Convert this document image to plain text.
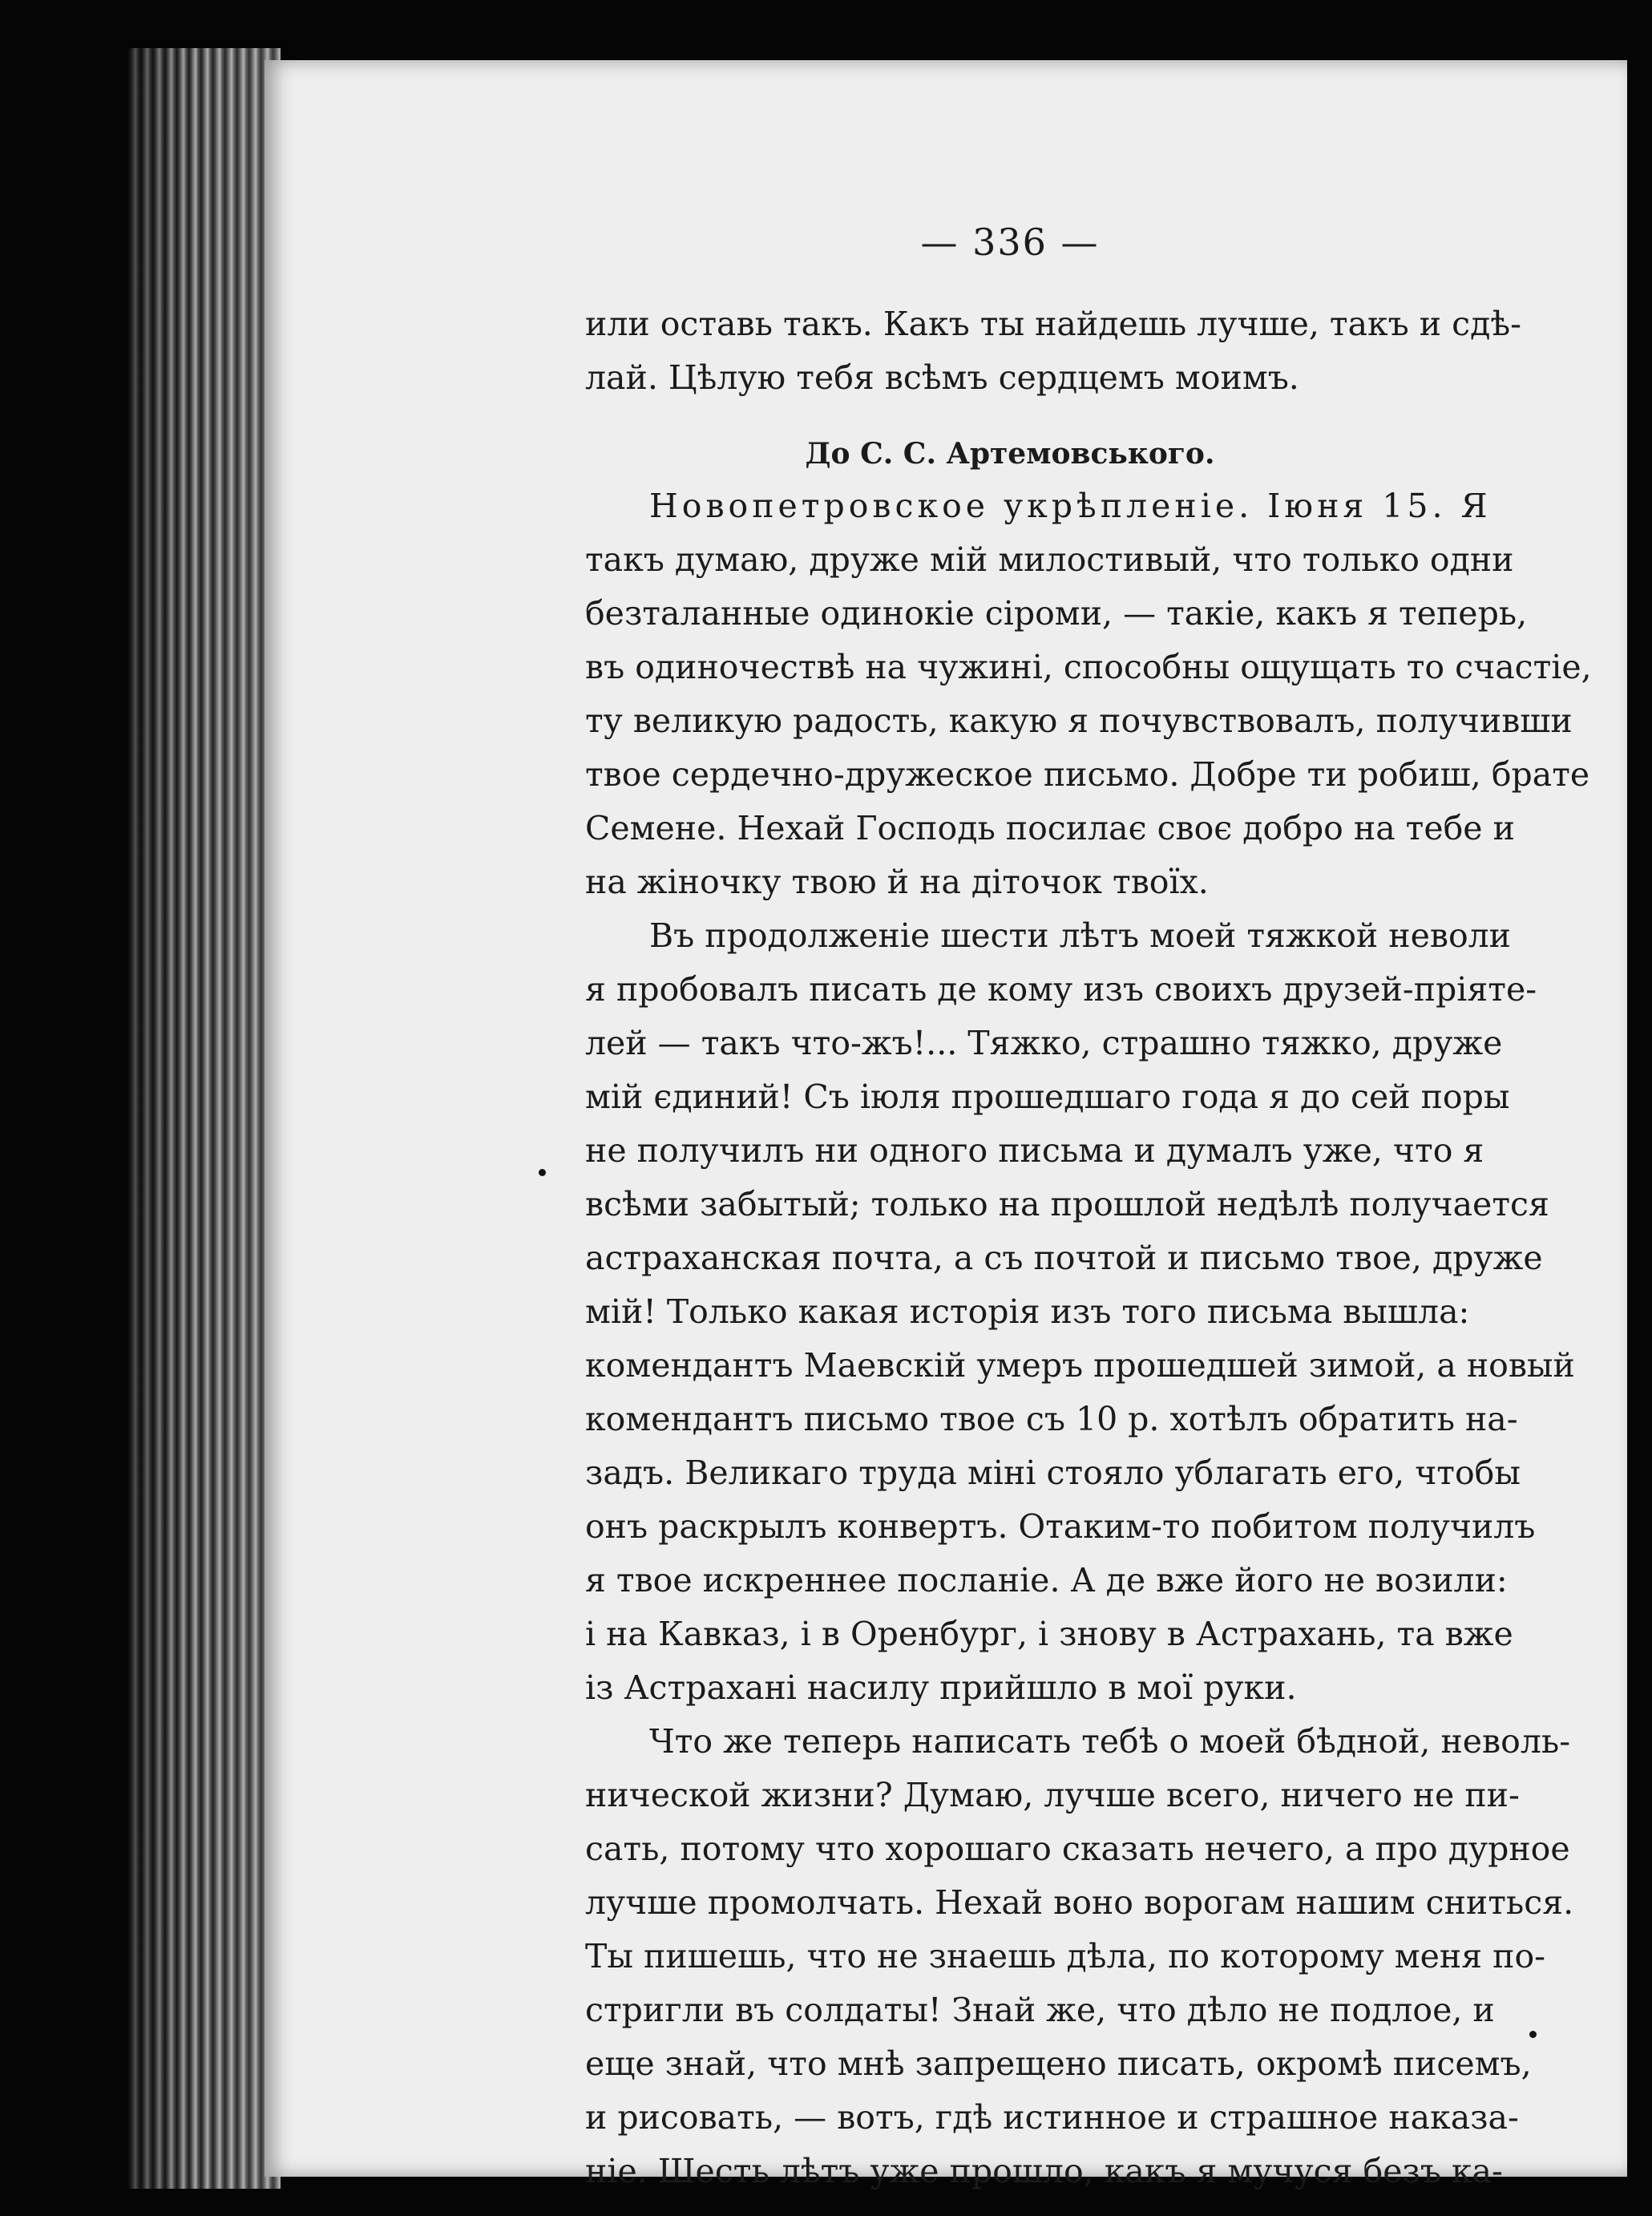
— 336 —
или оставь такъ. Какъ ты найдешь лучше, такъ и сдѣ-
лай. Цѣлую тебя всѣмъ сердцемъ моимъ.
До С. С. Артемовського.
Новопетровское укрѣпленіе. Іюня 15. Я
такъ думаю, друже мій милостивый, что только одни
безталанные одинокіе сіроми, — такіе, какъ я теперь,
въ одиночествѣ на чужині, способны ощущать то счастіе,
ту великую радость, какую я почувствовалъ, получивши
твое сердечно-дружеское письмо. Добре ти робиш, брате
Семене. Нехай Господь посилає своє добро на тебе и
на жіночку твою й на діточок твоїх.
Въ продолженіе шести лѣтъ моей тяжкой неволи
я пробовалъ писать де кому изъ своихъ друзей-пріяте-
лей — такъ что-жъ!... Тяжко, страшно тяжко, друже
мій єдиний! Съ іюля прошедшаго года я до сей поры
не получилъ ни одного письма и думалъ уже, что я
всѣми забытый; только на прошлой недѣлѣ получается
астраханская почта, а съ почтой и письмо твое, друже
мій! Только какая исторія изъ того письма вышла:
комендантъ Маевскій умеръ прошедшей зимой, а новый
комендантъ письмо твое съ 10 р. хотѣлъ обратить на-
задъ. Великаго труда міні стояло ублагать его, чтобы
онъ раскрылъ конвертъ. Отаким-то побитом получилъ
я твое искреннее посланіе. А де вже його не возили:
і на Кавказ, і в Оренбург, і знову в Астрахань, та вже
із Астрахані насилу прийшло в мої руки.
Что же теперь написать тебѣ о моей бѣдной, неволь-
нической жизни? Думаю, лучше всего, ничего не пи-
сать, потому что хорошаго сказать нечего, а про дурное
лучше промолчать. Нехай воно ворогам нашим сниться.
Ты пишешь, что не знаешь дѣла, по которому меня по-
стригли въ солдаты! Знай же, что дѣло не подлое, и
еще знай, что мнѣ запрещено писать, окромѣ писемъ,
и рисовать, — вотъ, гдѣ истинное и страшное наказа-
ніе. Шесть лѣтъ уже прошло, какъ я мучуся безъ ка-
